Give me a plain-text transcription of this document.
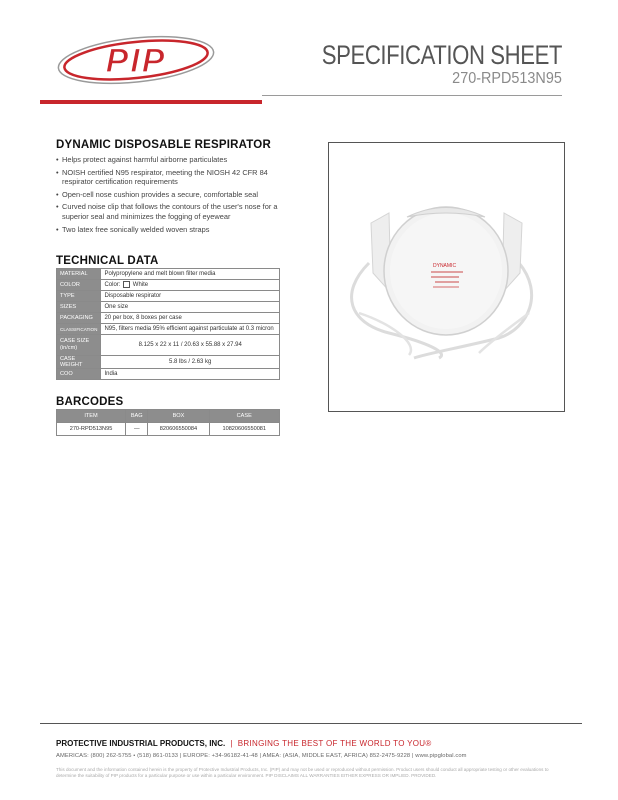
PIP	SPECIFICATION SHEET
270-RPD513N95
DYNAMIC DISPOSABLE RESPIRATOR
• Helps protect against harmful airborne particulates
• NOISH certified N95 respirator, meeting the NIOSH 42 CFR 84 respirator certification requirements
• Open-cell nose cushion provides a secure, comfortable seal
• Curved noise clip that follows the contours of the user's nose for a superior seal and minimizes the fogging of eyewear
• Two latex free sonically welded woven straps
TECHNICAL DATA
MATERIAL	Polypropylene and melt blown filter media
COLOR	Color: White
TYPE	Disposable respirator
SIZES	One size
PACKAGING	20 per box, 8 boxes per case
CLASSIFICATION	N95, filters media 95% efficient against particulate at 0.3 micron
CASE SIZE
(in/cm)	8.125 x 22 x 11 / 20.63 x 55.88 x 27.94
CASE WEIGHT	5.8 lbs / 2.63 kg
COO	India
BARCODES
ITEM	BAG	BOX	CASE
270-RPD513N95	—	820606550084	10820606550081
DYNAMIC
PROTECTIVE INDUSTRIAL PRODUCTS, INC. | BRINGING THE BEST OF THE WORLD TO YOU®
AMERICAS: (800) 262-5755 • (518) 861-0133 | EUROPE: +34-96182-41-48 | AMEA: (ASIA, MIDDLE EAST, AFRICA) 852-2475-9228 | www.pipglobal.com
This document and the information contained herein is the property of Protective Industrial Products, Inc. (PIP) and may not be used or reproduced without permission. Product users should conduct all appropriate testing or other evaluations to determine the suitability of PIP products for a particular purpose or use within a particular environment. PIP DISCLAIMS ALL WARRANTIES EITHER EXPRESS OR IMPLIED. PROVIDED.
